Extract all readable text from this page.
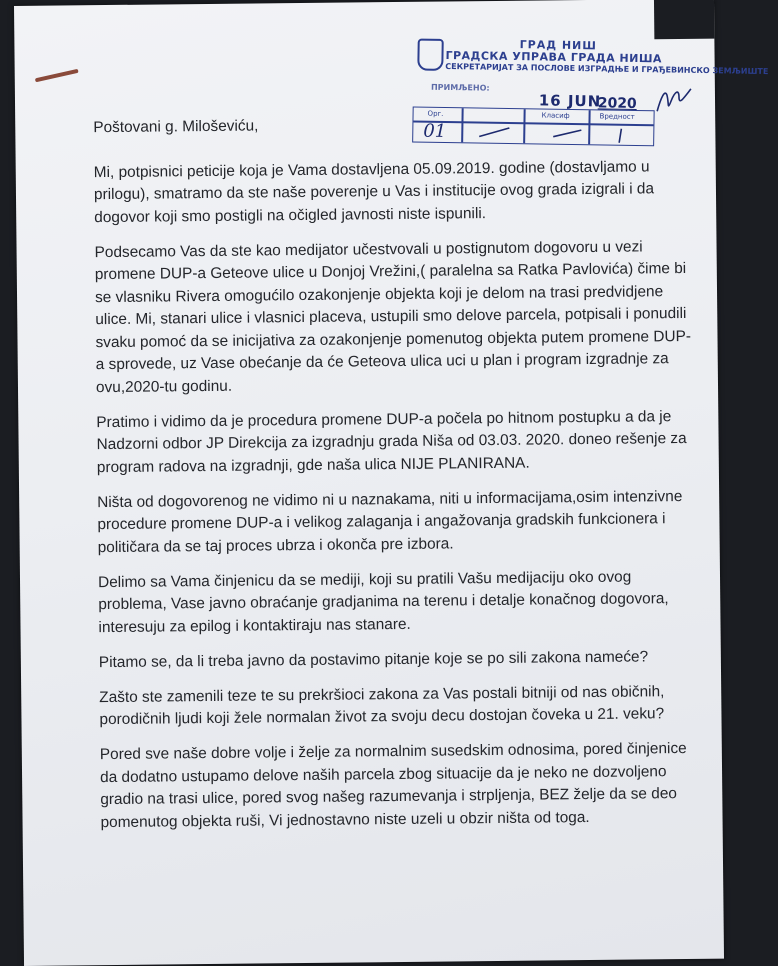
ГРАД НИШ
ГРАДСКА УПРАВА ГРАДА НИША
СЕКРЕТАРИЈАТ ЗА ПОСЛОВЕ ИЗГРАДЊЕ И ГРАЂЕВИНСКО ЗЕМЉИШТЕ
ПРИМЉЕНО:
16 JUN
2020
Орг.	Класиф	Вредност
01

Poštovani g. Miloševiću,

Mi, potpisnici peticije koja je Vama dostavljena 05.09.2019. godine (dostavljamo u prilogu), smatramo da ste naše poverenje u Vas i institucije ovog grada izigrali i da dogovor koji smo postigli na očigled javnosti niste ispunili.

Podsecamo Vas da ste kao medijator učestvovali u postignutom dogovoru u vezi promene DUP-a Geteove ulice u Donjoj Vrežini,( paralelna sa Ratka Pavlovića) čime bi se vlasniku Rivera omogućilo ozakonjenje objekta koji je delom na trasi predvidjene ulice. Mi, stanari ulice i vlasnici placeva, ustupili smo delove parcela, potpisali i ponudili svaku pomoć da se inicijativa za ozakonjenje pomenutog objekta putem promene DUP-a sprovede, uz Vase obećanje da će Geteova ulica uci u plan i program izgradnje za ovu,2020-tu godinu.

Pratimo i vidimo da je procedura promene DUP-a počela po hitnom postupku a da je Nadzorni odbor JP Direkcija za izgradnju grada Niša od 03.03. 2020. doneo rešenje za program radova na izgradnji, gde naša ulica NIJE PLANIRANA.

Ništa od dogovorenog ne vidimo ni u naznakama, niti u informacijama,osim intenzivne procedure promene DUP-a i velikog zalaganja i angažovanja gradskih funkcionera i političara da se taj proces ubrza i okonča pre izbora.

Delimo sa Vama činjenicu da se mediji, koji su pratili Vašu medijaciju oko ovog problema, Vase javno obraćanje gradjanima na terenu i detalje konačnog dogovora, interesuju za epilog i kontaktiraju nas stanare.

Pitamo se, da li treba javno da postavimo pitanje koje se po sili zakona nameće?

Zašto ste zamenili teze te su prekršioci zakona za Vas postali bitniji od nas običnih, porodičnih ljudi koji žele normalan život za svoju decu dostojan čoveka u 21. veku?

Pored sve naše dobre volje i želje za normalnim susedskim odnosima, pored činjenice da dodatno ustupamo delove naših parcela zbog situacije da je neko ne dozvoljeno gradio na trasi ulice, pored svog našeg razumevanja i strpljenja, BEZ želje da se deo pomenutog objekta ruši, Vi jednostavno niste uzeli u obzir ništa od toga.
